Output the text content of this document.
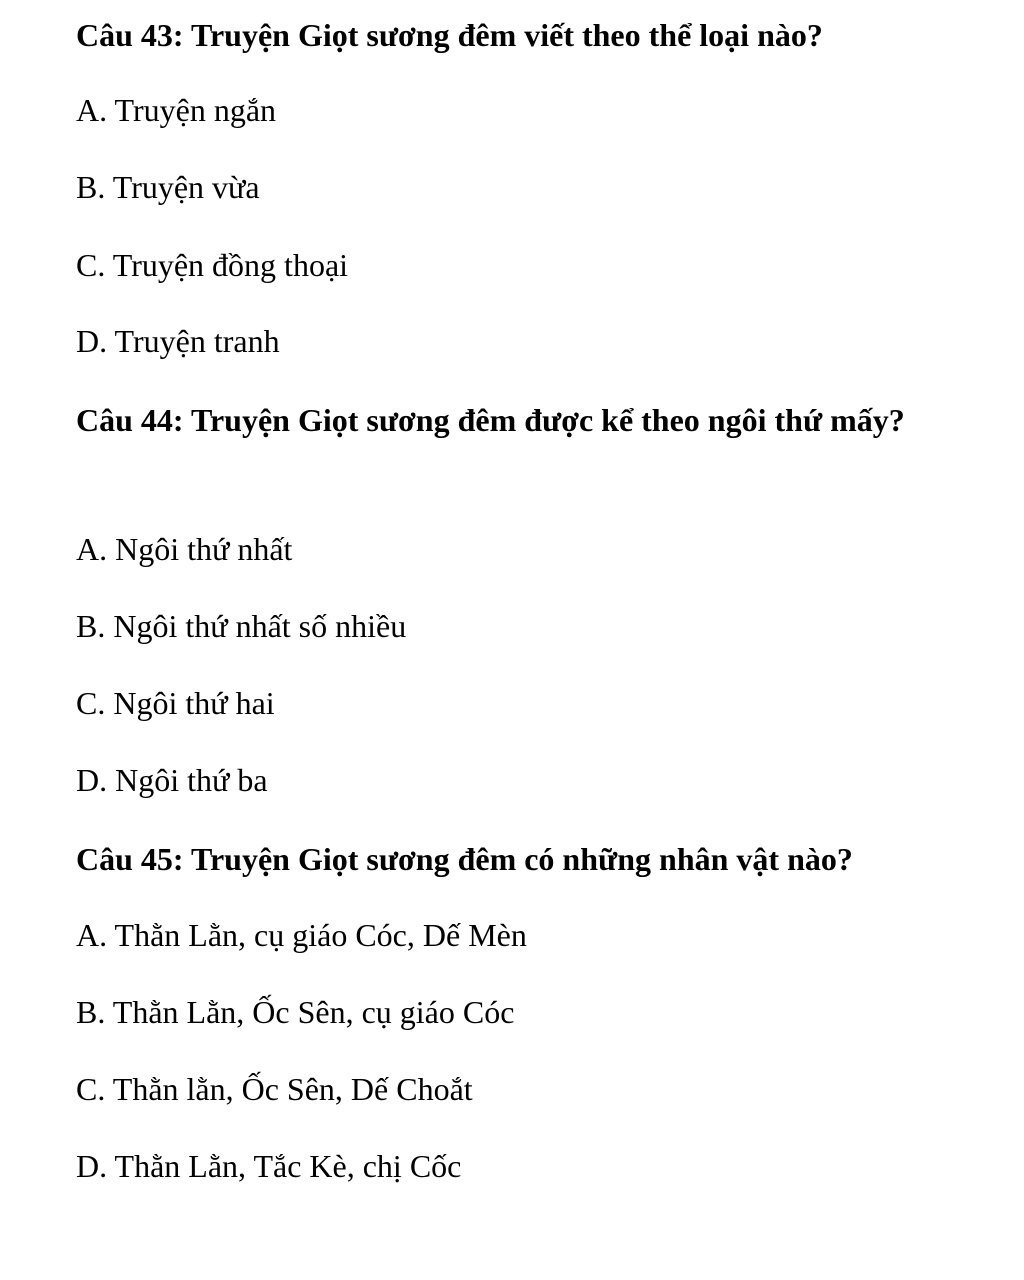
Câu 43: Truyện Giọt sương đêm viết theo thể loại nào?
A. Truyện ngắn
B. Truyện vừa
C. Truyện đồng thoại
D. Truyện tranh
Câu 44: Truyện Giọt sương đêm được kể theo ngôi thứ mấy?
A. Ngôi thứ nhất
B. Ngôi thứ nhất số nhiều
C. Ngôi thứ hai
D. Ngôi thứ ba
Câu 45: Truyện Giọt sương đêm có những nhân vật nào?
A. Thằn Lằn, cụ giáo Cóc, Dế Mèn
B. Thằn Lằn, Ốc Sên, cụ giáo Cóc
C. Thằn lằn, Ốc Sên, Dế Choắt
D. Thằn Lằn, Tắc Kè, chị Cốc
